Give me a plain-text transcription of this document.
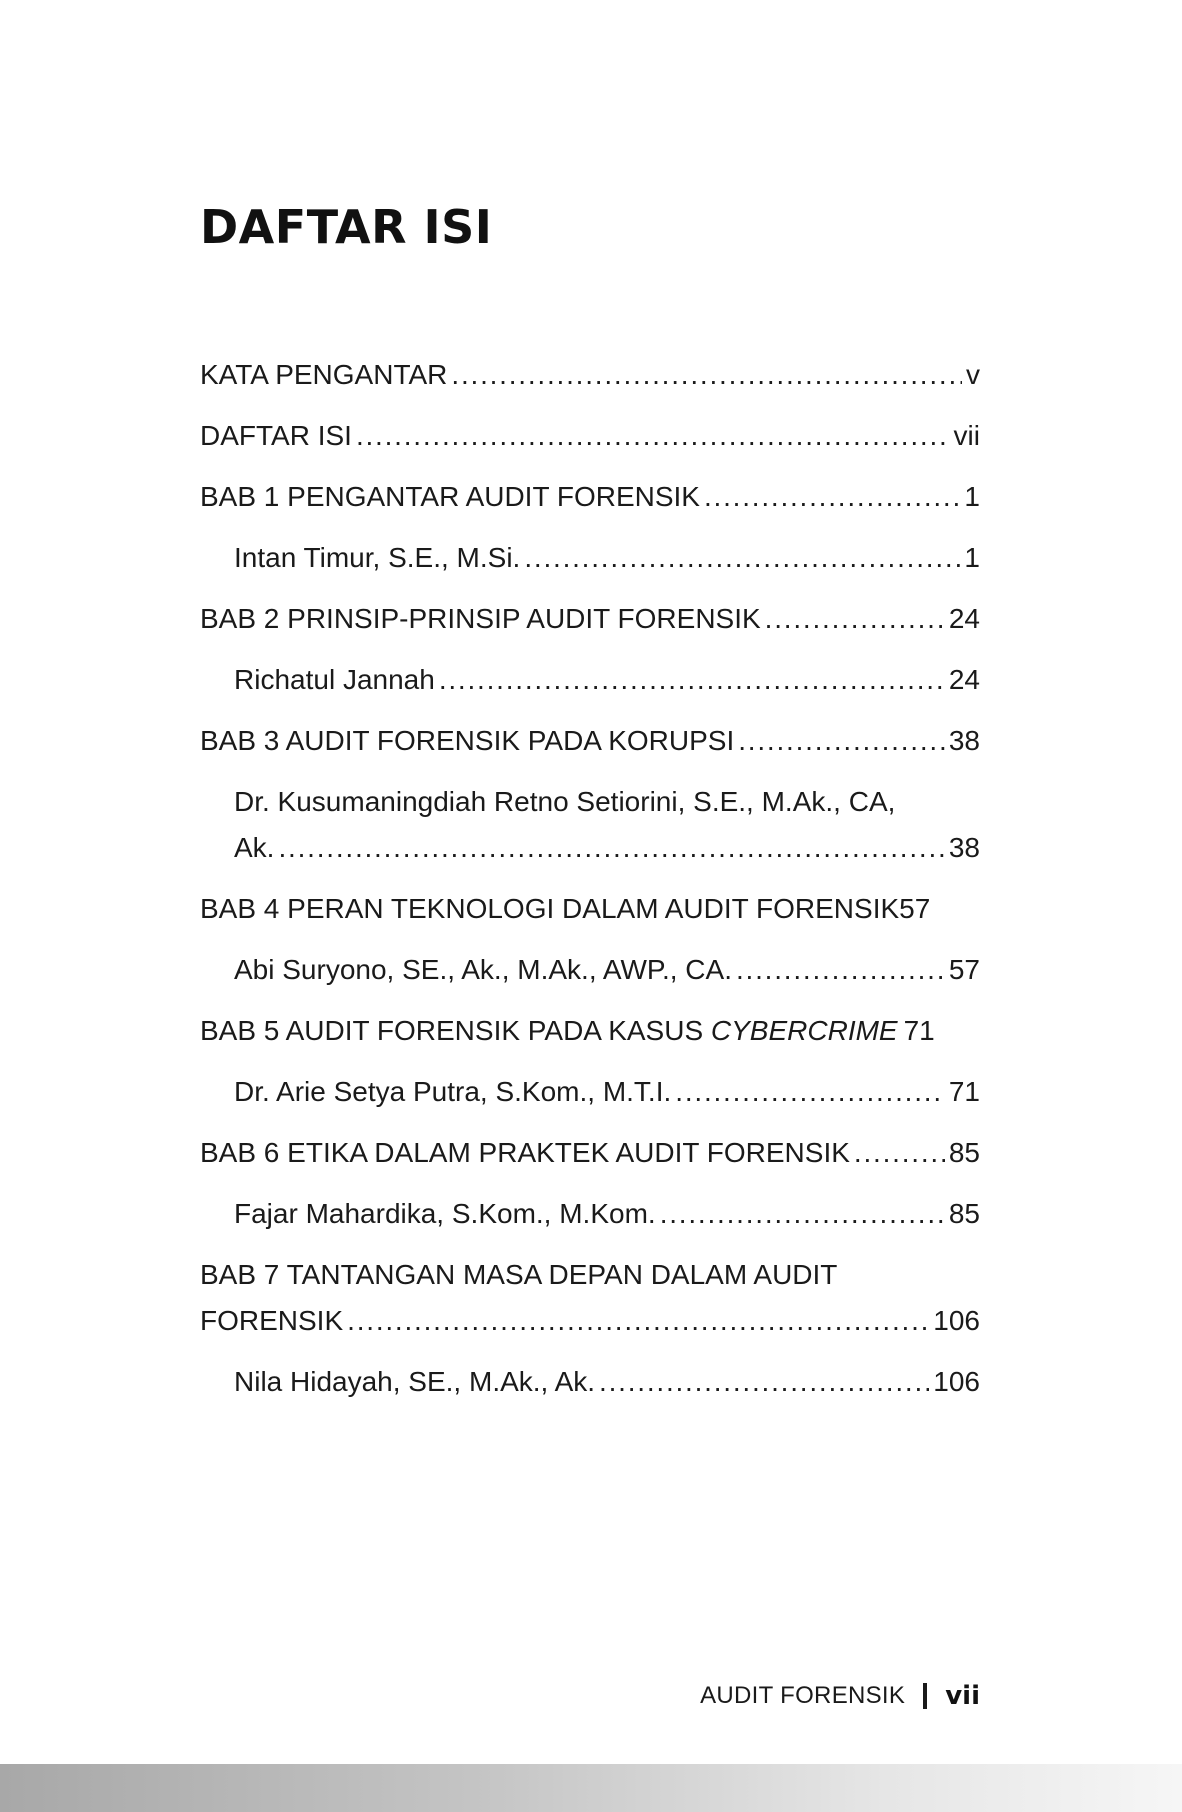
DAFTAR ISI
KATA PENGANTAR . . .	v
DAFTAR ISI . . .	vii
BAB 1 PENGANTAR AUDIT FORENSIK . . .	1
Intan Timur, S.E., M.Si. . . .	1
BAB 2 PRINSIP-PRINSIP AUDIT FORENSIK . . .	24
Richatul Jannah . . .	24
BAB 3 AUDIT FORENSIK PADA KORUPSI . . .	38
Dr. Kusumaningdiah Retno Setiorini, S.E., M.Ak., CA,
Ak. . . .	38
BAB 4 PERAN TEKNOLOGI DALAM AUDIT FORENSIK 57
Abi Suryono, SE., Ak., M.Ak., AWP., CA. . . .	57
BAB 5 AUDIT FORENSIK PADA KASUS CYBERCRIME 71
Dr. Arie Setya Putra, S.Kom., M.T.I. . . .	71
BAB 6 ETIKA DALAM PRAKTEK AUDIT FORENSIK . . .	85
Fajar Mahardika, S.Kom., M.Kom. . . .	85
BAB 7 TANTANGAN MASA DEPAN DALAM AUDIT
FORENSIK . . .	106
Nila Hidayah, SE., M.Ak., Ak. . . .	106
AUDIT FORENSIK vii
